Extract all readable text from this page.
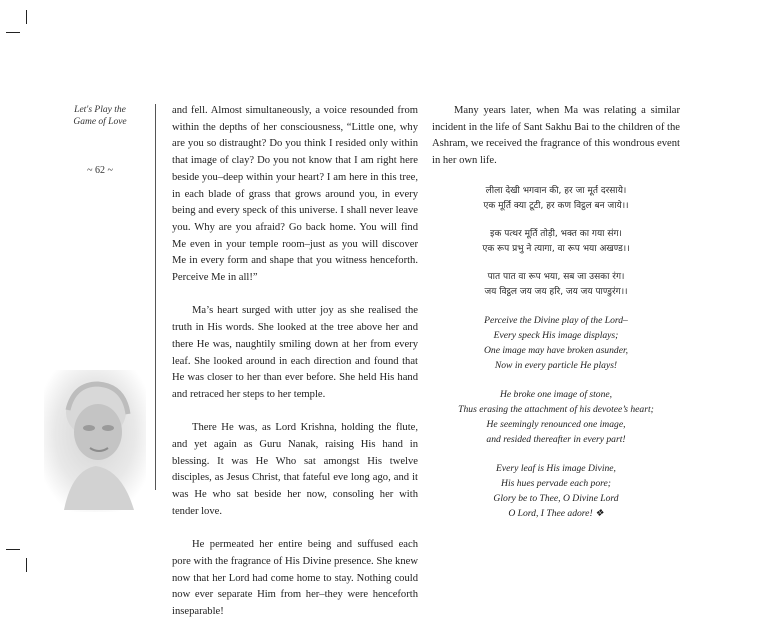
Let's Play the
Game of Love
~ 62 ~

and fell. Almost simultaneously, a voice resounded from within the depths of her consciousness, “Little one, why are you so distraught? Do you think I resided only within that image of clay? Do you not know that I am right here beside you–deep within your heart? I am here in this tree, in each blade of grass that grows around you, in every being and every speck of this universe. I shall never leave you. Why are you afraid? Go back home. You will find Me even in your temple room–just as you will discover Me in every form and shape that you witness henceforth. Perceive Me in all!”

Ma’s heart surged with utter joy as she realised the truth in His words. She looked at the tree above her and there He was, naughtily smiling down at her from every leaf. She looked around in each direction and found that He was closer to her than ever before. She held His hand and retraced her steps to her temple.

There He was, as Lord Krishna, holding the flute, and yet again as Guru Nanak, raising His hand in blessing. It was He Who sat amongst His twelve disciples, as Jesus Christ, that fateful eve long ago, and it was He who sat beside her now, consoling her with tender love.

He permeated her entire being and suffused each pore with the fragrance of His Divine presence. She knew now that her Lord had come home to stay. Nothing could now ever separate Him from her–they were henceforth inseparable!

Many years later, when Ma was relating a similar incident in the life of Sant Sakhu Bai to the children of the Ashram, we received the fragrance of this wondrous event in her own life.

लीला देखी भगवान की, हर जा मूर्त दरसाये।
एक मूर्ति क्या टूटी, हर कण विट्ठल बन जाये।।
इक पत्थर मूर्ति तोड़ी, भक्त का गया संग।
एक रूप प्रभु ने त्यागा, वा रूप भया अखण्ड।।
पात पात वा रूप भया, सब जा उसका रंग।
जय विट्ठल जय जय हरि, जय जय पाण्डुरंग।।
Perceive the Divine play of the Lord–
Every speck His image displays;
One image may have broken asunder,
Now in every particle He plays!
He broke one image of stone,
Thus erasing the attachment of his devotee’s heart;
He seemingly renounced one image,
and resided thereafter in every part!
Every leaf is His image Divine,
His hues pervade each pore;
Glory be to Thee, O Divine Lord
O Lord, I Thee adore! ❖
